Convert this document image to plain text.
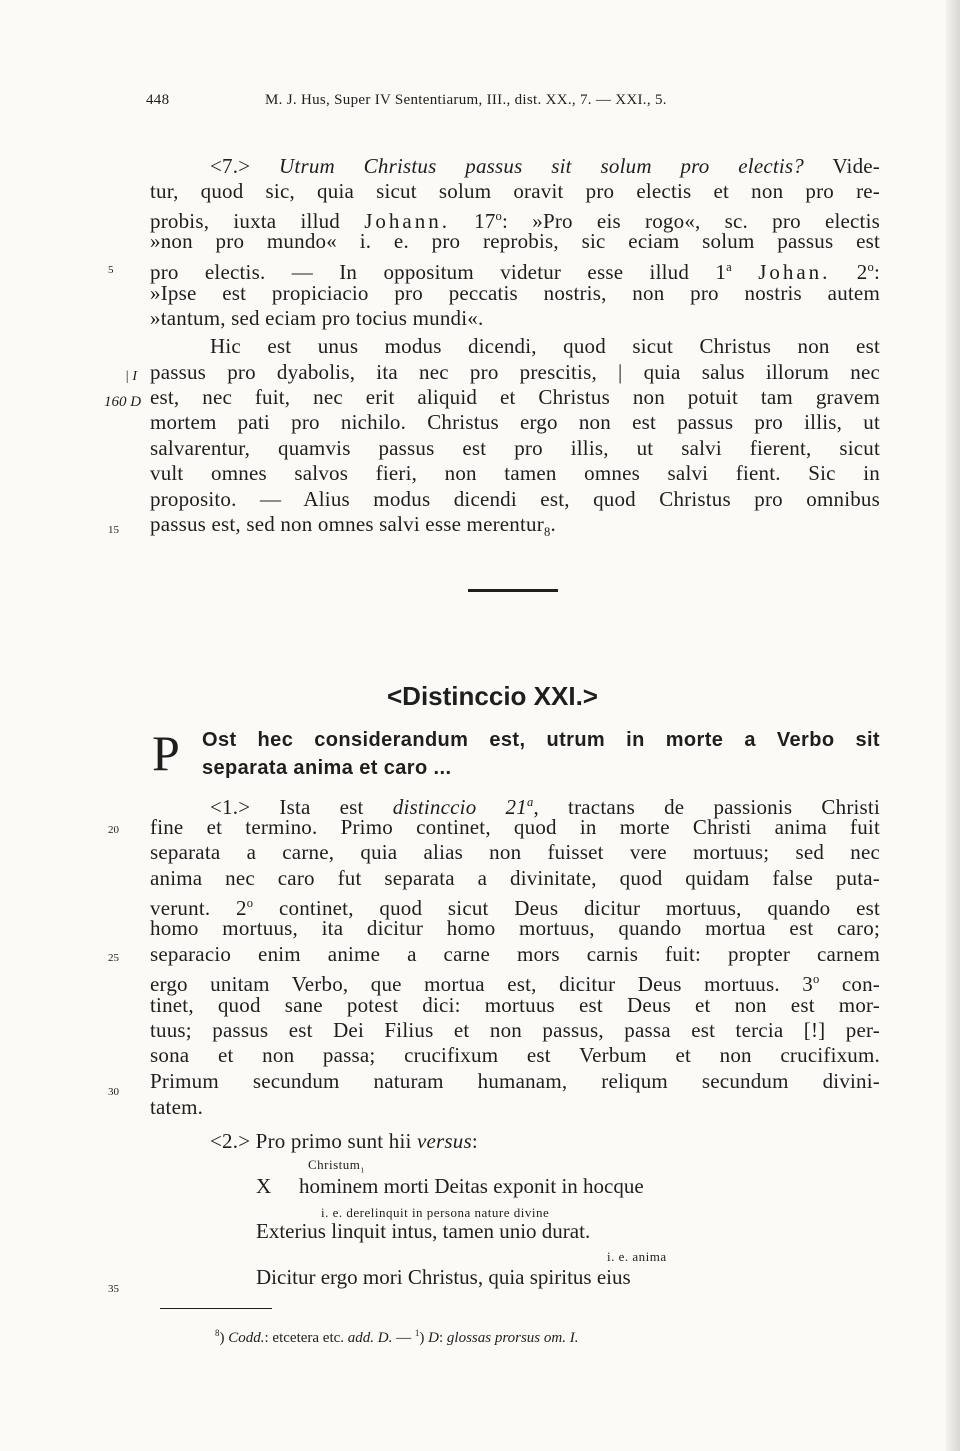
448	M. J. Hus, Super IV Sententiarum, III., dist. XX., 7. — XXI., 5.
5
| I
160 D
15
20
25
30
35
<7.> Utrum Christus passus sit solum pro electis? Vide-
tur, quod sic, quia sicut solum oravit pro electis et non pro re-
probis, iuxta illud Johann. 17$^o$: »Pro eis rogo«, sc. pro electis
»non pro mundo« i. e. pro reprobis, sic eciam solum passus est
pro electis. — In oppositum videtur esse illud 1$^a$ Johan. 2$^o$:
»Ipse est propiciacio pro peccatis nostris, non pro nostris autem
»tantum, sed eciam pro tocius mundi«.
Hic est unus modus dicendi, quod sicut Christus non est
passus pro dyabolis, ita nec pro prescitis, | quia salus illorum nec
est, nec fuit, nec erit aliquid et Christus non potuit tam gravem
mortem pati pro nichilo. Christus ergo non est passus pro illis, ut
salvarentur, quamvis passus est pro illis, ut salvi fierent, sicut
vult omnes salvos fieri, non tamen omnes salvi fient. Sic in
proposito. — Alius modus dicendi est, quod Christus pro omnibus
passus est, sed non omnes salvi esse merentur$_8$.
<Distinccio XXI.>
P Ost hec considerandum est, utrum in morte a Verbo sit
separata anima et caro ...
<1.> Ista est distinccio 21$^a$, tractans de passionis Christi
fine et termino. Primo continet, quod in morte Christi anima fuit
separata a carne, quia alias non fuisset vere mortuus; sed nec
anima nec caro fut separata a divinitate, quod quidam false puta-
verunt. 2$^o$ continet, quod sicut Deus dicitur mortuus, quando est
homo mortuus, ita dicitur homo mortuus, quando mortua est caro;
separacio enim anime a carne mors carnis fuit: propter carnem
ergo unitam Verbo, que mortua est, dicitur Deus mortuus. 3$^o$ con-
tinet, quod sane potest dici: mortuus est Deus et non est mor-
tuus; passus est Dei Filius et non passus, passa est tercia [!] per-
sona et non passa; crucifixum est Verbum et non crucifixum.
Primum secundum naturam humanam, reliqum secundum divini-
tatem.
<2.> Pro primo sunt hii versus:
Christum$_1$
X hominem morti Deitas exponit in hocque
i. e. derelinquit in persona nature divine
Exterius linquit intus, tamen unio durat.
i. e. anima
Dicitur ergo mori Christus, quia spiritus eius
$^8$) Codd.: etcetera etc. add. D. — $^1$) D: glossas prorsus om. I.
